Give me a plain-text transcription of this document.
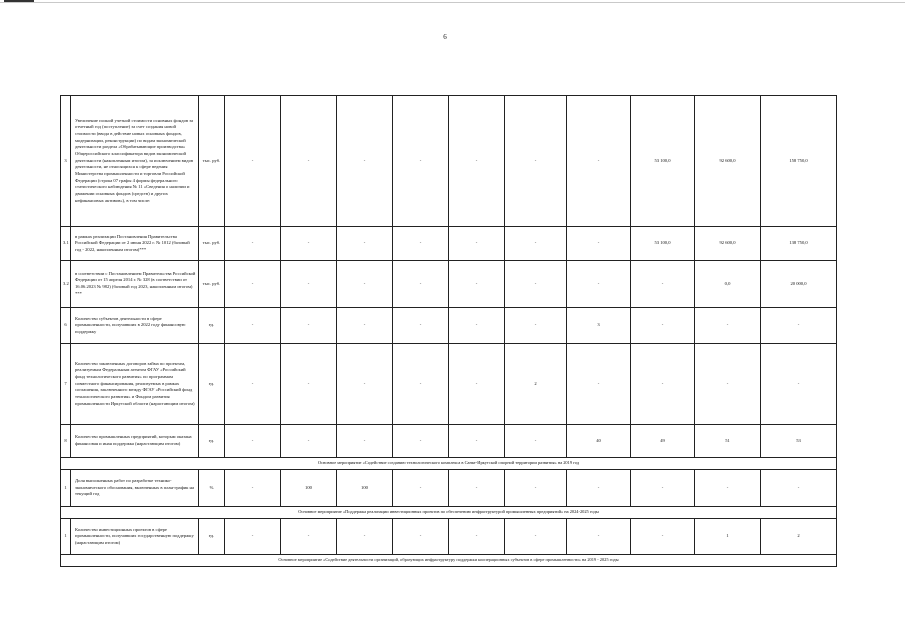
6
3	Увеличение полной учетной стоимости основных фондов за отчетный год (поступление) за счет создания новой стоимости (ввода в действие новых основных фондов, модернизации, реконструкции) по видам экономической деятельности раздела «Обрабатывающие производства» Общероссийского классификатора видов экономической деятельности (накопленным итогом), за исключением видов деятельности, не относящихся к сфере ведения Министерства промышленности и торговли Российской Федерации (строка 07 графы 4 формы федерального статистического наблюдения № 11 «Сведения о наличии и движении основных фондов (средств) и других нефинансовых активов»), в том числе:	тыс. руб.	-	-	-	-	-	-	-	53 100,0	92 600,0	158 750,0	
3.1	в рамках реализации Постановления Правительства Российской Федерации от 2 июня 2022 г. № 1012 (базовый год - 2022, накопленным итогом)***	тыс. руб.	-	-	-	-	-	-	-	53 100,0	92 600,0	138 750,0	
3.2	в соответствии с Постановлением Правительства Российской Федерации от 15 апреля 2014 г. № 328 (в соответствии от 16.06.2023 № 982) (базовый год 2023, накопленным итогом) ***	тыс. руб.	-	-	-	-	-	-	-	-	0,0	20 000,0	
6	Количество субъектов деятельности в сфере промышленности, получивших в 2022 году финансовую поддержку	ед.	-	-	-	-	-	-	3	-	-	-	
7	Количество заключенных договоров займа по проектам, реализуемым Федеральным агентом ФГАУ «Российский фонд технологического развития» по программам совместного финансирования, реализуемых в рамках соглашения, заключенного между ФГАУ «Российский фонд технологического развития» и Фондом развития промышленности Иркутской области (нарастающим итогом)	ед.	-	-	-	-	-	2	-	-	-	-	
8	Количество промышленных предприятий, которым оказана финансовая и иная поддержка (нарастающим итогом)	ед.	-	-	-	-	-	-	40	49	51	53	
Основное мероприятие «Содействие созданию технологического комплекса в Санкт-Иркутской опорной территории развития» на 2019 год													
1	Доля выполненных работ по разработке технико-экономического обоснования, включенных в план-график на текущий год	%	-	100	100	-	-	-	-	-	-	-	
Основное мероприятие «Поддержка реализации инвестиционных проектов по обеспечению инфраструктурой промышленных предприятий» на 2024-2025 годы													
1	Количество инвестиционных проектов в сфере промышленности, получивших государственную поддержку (нарастающим итогом)	ед.	-	-	-	-	-	-	-	-	1	2	
Основное мероприятие «Содействие деятельности организаций, образующих инфраструктуру поддержки кооперационных субъектов в сфере промышленности» на 2019 - 2025 годы													
